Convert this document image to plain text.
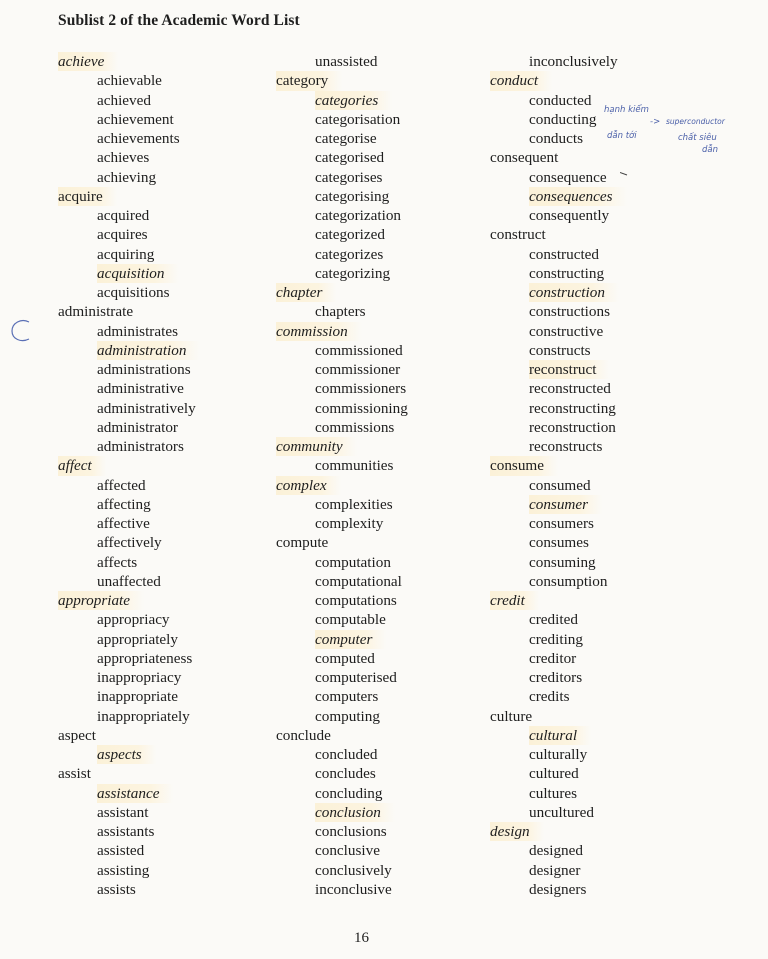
Sublist 2 of the Academic Word List
achieve
achievable
achieved
achievement
achievements
achieves
achieving
acquire
acquired
acquires
acquiring
acquisition
acquisitions
administrate
administrates
administration
administrations
administrative
administratively
administrator
administrators
affect
affected
affecting
affective
affectively
affects
unaffected
appropriate
appropriacy
appropriately
appropriateness
inappropriacy
inappropriate
inappropriately
aspect
aspects
assist
assistance
assistant
assistants
assisted
assisting
assists
unassisted
category
categories
categorisation
categorise
categorised
categorises
categorising
categorization
categorized
categorizes
categorizing
chapter
chapters
commission
commissioned
commissioner
commissioners
commissioning
commissions
community
communities
complex
complexities
complexity
compute
computation
computational
computations
computable
computer
computed
computerised
computers
computing
conclude
concluded
concludes
concluding
conclusion
conclusions
conclusive
conclusively
inconclusive
inconclusively
conduct
conducted
conducting
conducts
consequent
consequence
consequences
consequently
construct
constructed
constructing
construction
constructions
constructive
constructs
reconstruct
reconstructed
reconstructing
reconstruction
reconstructs
consume
consumed
consumer
consumers
consumes
consuming
consumption
credit
credited
crediting
creditor
creditors
credits
culture
cultural
culturally
cultured
cultures
uncultured
design
designed
designer
designers
hạnh kiểm
dẫn tới
-> superconductor
chất siêu
dẫn
16
